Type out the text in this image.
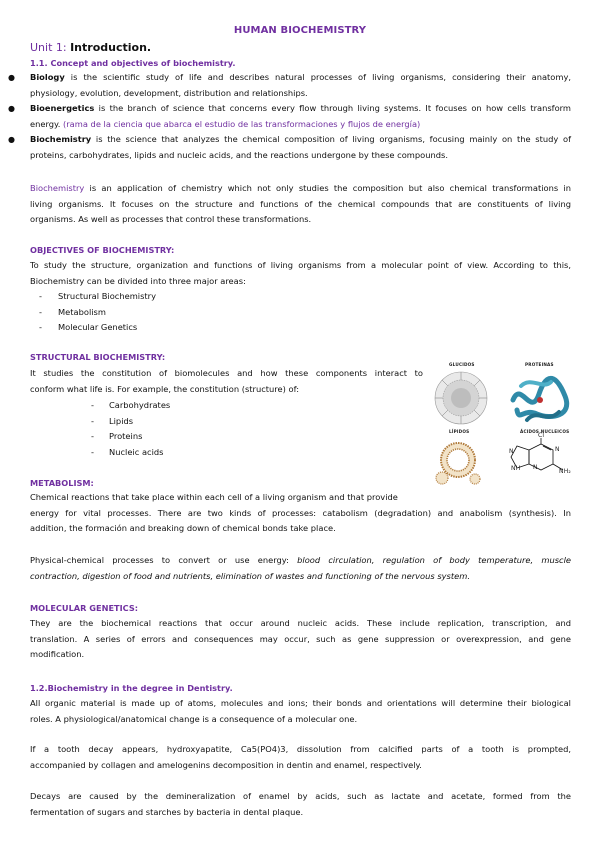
HUMAN BIOCHEMISTRY
Unit 1: Introduction.
1.1. Concept and objectives of biochemistry.
● Biology is the scientific study of life and describes natural processes of living organisms, considering their anatomy,
physiology, evolution, development, distribution and relationships.
● Bioenergetics is the branch of science that concerns every flow through living systems. It focuses on how cells transform
energy. (rama de la ciencia que abarca el estudio de las transformaciones y flujos de energía)
● Biochemistry is the science that analyzes the chemical composition of living organisms, focusing mainly on the study of
proteins, carbohydrates, lipids and nucleic acids, and the reactions undergone by these compounds.
Biochemistry is an application of chemistry which not only studies the composition but also chemical transformations in
living organisms. It focuses on the structure and functions of the chemical compounds that are constituents of living
organisms. As well as processes that control these transformations.
OBJECTIVES OF BIOCHEMISTRY:
To study the structure, organization and functions of living organisms from a molecular point of view. According to this,
Biochemistry can be divided into three major areas:
- Structural Biochemistry
- Metabolism
- Molecular Genetics
STRUCTURAL BIOCHEMISTRY:
It studies the constitution of biomolecules and how these components interact to
conform what life is. For example, the constitution (structure) of:
- Carbohydrates
- Lipids
- Proteins
- Nucleic acids
GLUCIDOS	PROTEINAS
LÍPIDOS	ÁCIDOS NUCLEICOS
Cl
N
N
N
NH	NH₂
METABOLISM:
Chemical reactions that take place within each cell of a living organism and that provide
energy for vital processes. There are two kinds of processes: catabolism (degradation) and anabolism (synthesis). In
addition, the formación and breaking down of chemical bonds take place.
Physical-chemical processes to convert or use energy: blood circulation, regulation of body temperature, muscle
contraction, digestion of food and nutrients, elimination of wastes and functioning of the nervous system.
MOLECULAR GENETICS:
They are the biochemical reactions that occur around nucleic acids. These include replication, transcription, and
translation. A series of errors and consequences may occur, such as gene suppression or overexpression, and gene
modification.
1.2.Biochemistry in the degree in Dentistry.
All organic material is made up of atoms, molecules and ions; their bonds and orientations will determine their biological
roles. A physiological/anatomical change is a consequence of a molecular one.
If a tooth decay appears, hydroxyapatite, Ca5(PO4)3, dissolution from calcified parts of a tooth is prompted,
accompanied by collagen and amelogenins decomposition in dentin and enamel, respectively.
Decays are caused by the demineralization of enamel by acids, such as lactate and acetate, formed from the
fermentation of sugars and starches by bacteria in dental plaque.
